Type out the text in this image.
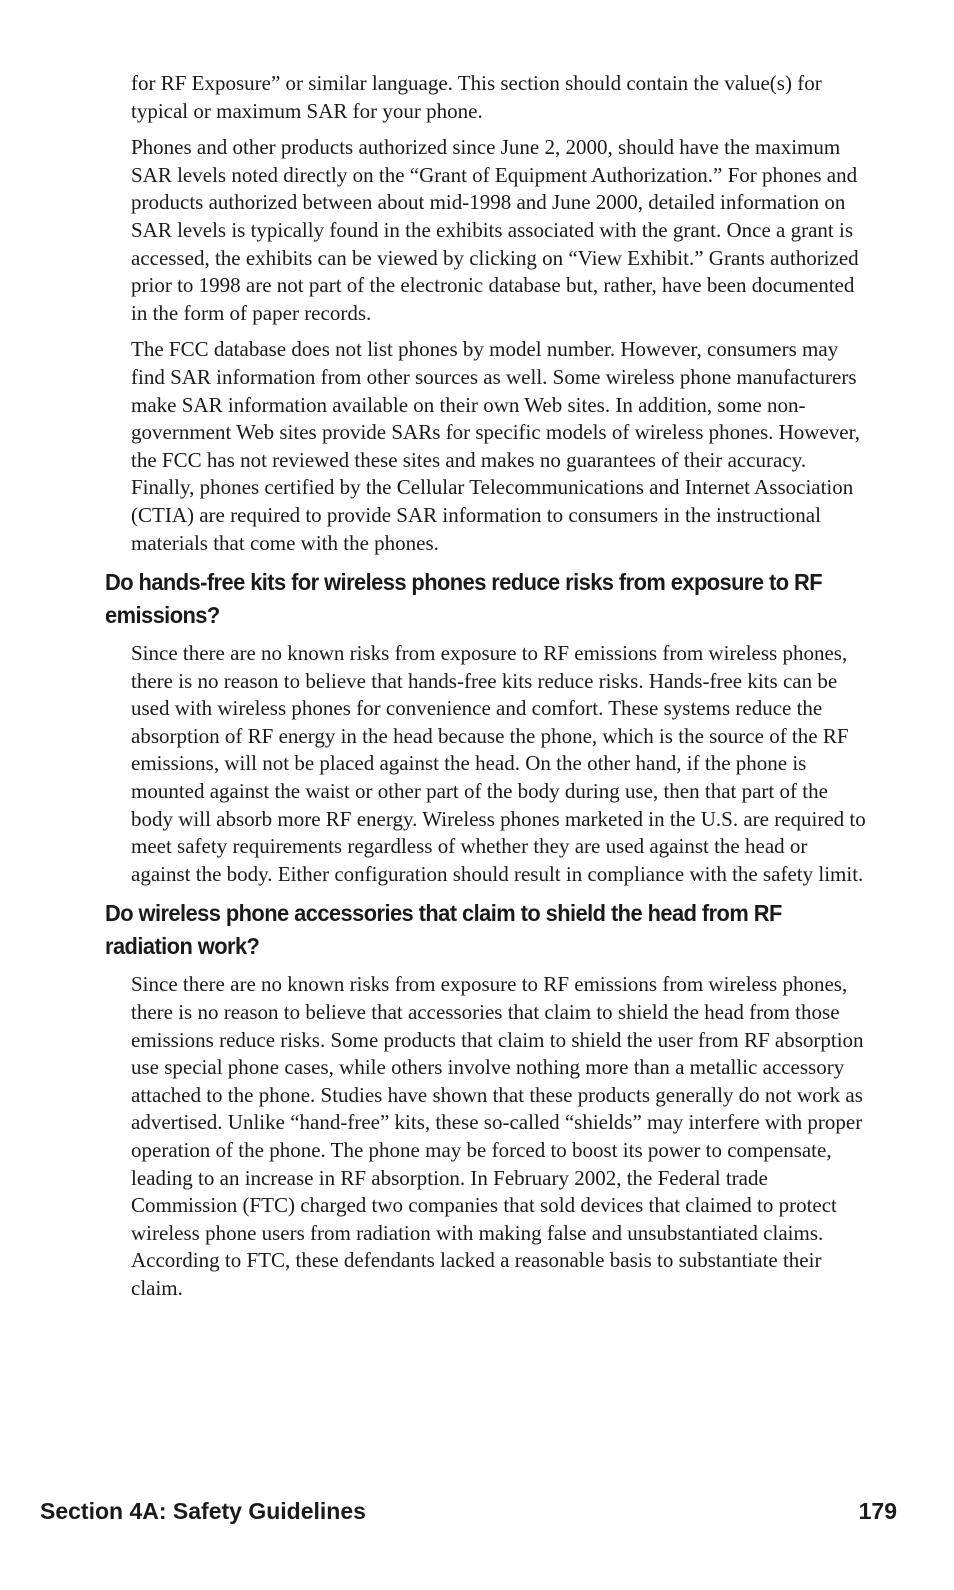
for RF Exposure” or similar language. This section should contain the value(s) for typical or maximum SAR for your phone.

Phones and other products authorized since June 2, 2000, should have the maximum SAR levels noted directly on the “Grant of Equipment Authorization.” For phones and products authorized between about mid-1998 and June 2000, detailed information on SAR levels is typically found in the exhibits associated with the grant. Once a grant is accessed, the exhibits can be viewed by clicking on “View Exhibit.” Grants authorized prior to 1998 are not part of the electronic database but, rather, have been documented in the form of paper records.

The FCC database does not list phones by model number. However, consumers may find SAR information from other sources as well. Some wireless phone manufacturers make SAR information available on their own Web sites. In addition, some non-government Web sites provide SARs for specific models of wireless phones. However, the FCC has not reviewed these sites and makes no guarantees of their accuracy. Finally, phones certified by the Cellular Telecommunications and Internet Association (CTIA) are required to provide SAR information to consumers in the instructional materials that come with the phones.

Do hands-free kits for wireless phones reduce risks from exposure to RF emissions?

Since there are no known risks from exposure to RF emissions from wireless phones, there is no reason to believe that hands-free kits reduce risks. Hands-free kits can be used with wireless phones for convenience and comfort. These systems reduce the absorption of RF energy in the head because the phone, which is the source of the RF emissions, will not be placed against the head. On the other hand, if the phone is mounted against the waist or other part of the body during use, then that part of the body will absorb more RF energy. Wireless phones marketed in the U.S. are required to meet safety requirements regardless of whether they are used against the head or against the body. Either configuration should result in compliance with the safety limit.

Do wireless phone accessories that claim to shield the head from RF radiation work?

Since there are no known risks from exposure to RF emissions from wireless phones, there is no reason to believe that accessories that claim to shield the head from those emissions reduce risks. Some products that claim to shield the user from RF absorption use special phone cases, while others involve nothing more than a metallic accessory attached to the phone. Studies have shown that these products generally do not work as advertised. Unlike “hand-free” kits, these so-called “shields” may interfere with proper operation of the phone. The phone may be forced to boost its power to compensate, leading to an increase in RF absorption. In February 2002, the Federal trade Commission (FTC) charged two companies that sold devices that claimed to protect wireless phone users from radiation with making false and unsubstantiated claims. According to FTC, these defendants lacked a reasonable basis to substantiate their claim.

Section 4A: Safety Guidelines	179
